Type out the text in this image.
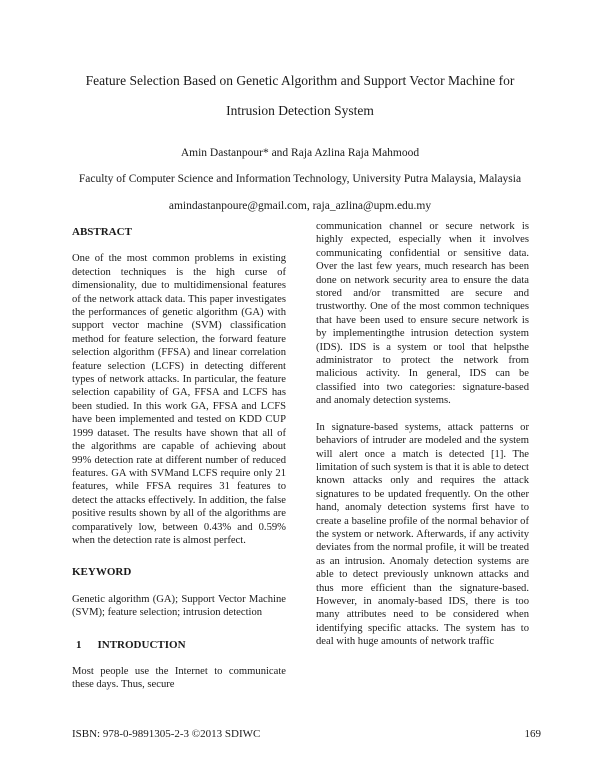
Feature Selection Based on Genetic Algorithm and Support Vector Machine for
Intrusion Detection System
Amin Dastanpour* and Raja Azlina Raja Mahmood
Faculty of Computer Science and Information Technology, University Putra Malaysia, Malaysia
amindastanpoure@gmail.com, raja_azlina@upm.edu.my

ABSTRACT

One of the most common problems in existing detection techniques is the high curse of dimensionality, due to multidimensional features of the network attack data. This paper investigates the performances of genetic algorithm (GA) with support vector machine (SVM) classification method for feature selection, the forward feature selection algorithm (FFSA) and linear correlation feature selection (LCFS) in detecting different types of network attacks. In particular, the feature selection capability of GA, FFSA and LCFS has been studied. In this work GA, FFSA and LCFS have been implemented and tested on KDD CUP 1999 dataset. The results have shown that all of the algorithms are capable of achieving about 99% detection rate at different number of reduced features. GA with SVMand LCFS require only 21 features, while FFSA requires 31 features to detect the attacks effectively. In addition, the false positive results shown by all of the algorithms are comparatively low, between 0.43% and 0.59% when the detection rate is almost perfect.

KEYWORD

Genetic algorithm (GA); Support Vector Machine (SVM); feature selection; intrusion detection

1 INTRODUCTION

Most people use the Internet to communicate these days. Thus, secure

communication channel or secure network is highly expected, especially when it involves communicating confidential or sensitive data. Over the last few years, much research has been done on network security area to ensure the data stored and/or transmitted are secure and trustworthy. One of the most common techniques that have been used to ensure secure network is by implementingthe intrusion detection system (IDS). IDS is a system or tool that helpsthe administrator to protect the network from malicious activity. In general, IDS can be classified into two categories: signature-based and anomaly detection systems.

In signature-based systems, attack patterns or behaviors of intruder are modeled and the system will alert once a match is detected [1]. The limitation of such system is that it is able to detect known attacks only and requires the attack signatures to be updated frequently. On the other hand, anomaly detection systems first have to create a baseline profile of the normal behavior of the system or network. Afterwards, if any activity deviates from the normal profile, it will be treated as an intrusion. Anomaly detection systems are able to detect previously unknown attacks and thus more efficient than the signature-based. However, in anomaly-based IDS, there is too many attributes need to be considered when identifying specific attacks. The system has to deal with huge amounts of network traffic

ISBN: 978-0-9891305-2-3 ©2013 SDIWC	169
